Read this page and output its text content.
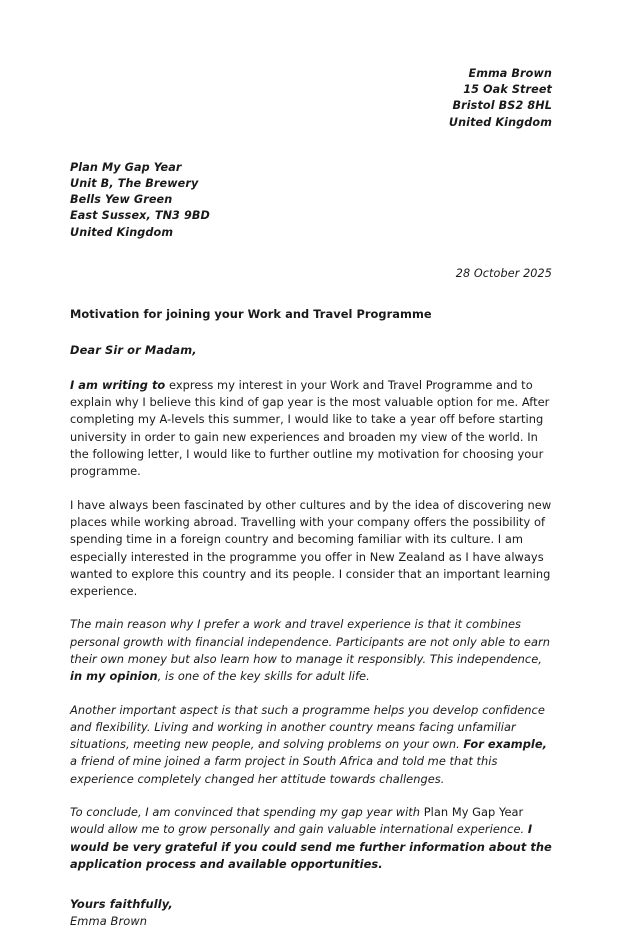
Emma Brown
15 Oak Street
Bristol BS2 8HL
United Kingdom
Plan My Gap Year
Unit B, The Brewery
Bells Yew Green
East Sussex, TN3 9BD
United Kingdom
28 October 2025
Motivation for joining your Work and Travel Programme
Dear Sir or Madam,
I am writing to express my interest in your Work and Travel Programme and to explain why I believe this kind of gap year is the most valuable option for me. After completing my A-levels this summer, I would like to take a year off before starting university in order to gain new experiences and broaden my view of the world. In the following letter, I would like to further outline my motivation for choosing your programme.
I have always been fascinated by other cultures and by the idea of discovering new places while working abroad. Travelling with your company offers the possibility of spending time in a foreign country and becoming familiar with its culture. I am especially interested in the programme you offer in New Zealand as I have always wanted to explore this country and its people. I consider that an important learning experience.
The main reason why I prefer a work and travel experience is that it combines personal growth with financial independence. Participants are not only able to earn their own money but also learn how to manage it responsibly. This independence, in my opinion, is one of the key skills for adult life.
Another important aspect is that such a programme helps you develop confidence and flexibility. Living and working in another country means facing unfamiliar situations, meeting new people, and solving problems on your own. For example, a friend of mine joined a farm project in South Africa and told me that this experience completely changed her attitude towards challenges.
To conclude, I am convinced that spending my gap year with Plan My Gap Year would allow me to grow personally and gain valuable international experience. I would be very grateful if you could send me further information about the application process and available opportunities.
Yours faithfully,
Emma Brown
